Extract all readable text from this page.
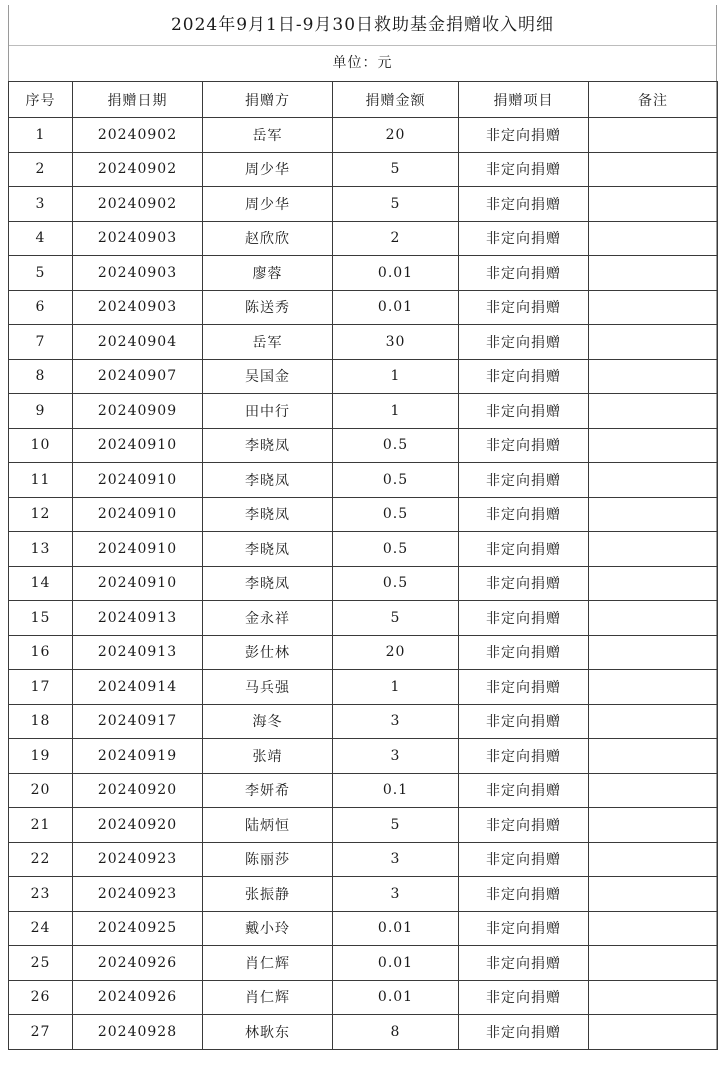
2024年9月1日-9月30日救助基金捐赠收入明细
单位：元
序号	捐赠日期	捐赠方	捐赠金额	捐赠项目	备注
1	20240902	岳军	20	非定向捐赠	
2	20240902	周少华	5	非定向捐赠	
3	20240902	周少华	5	非定向捐赠	
4	20240903	赵欣欣	2	非定向捐赠	
5	20240903	廖蓉	0.01	非定向捐赠	
6	20240903	陈送秀	0.01	非定向捐赠	
7	20240904	岳军	30	非定向捐赠	
8	20240907	吴国金	1	非定向捐赠	
9	20240909	田中行	1	非定向捐赠	
10	20240910	李晓凤	0.5	非定向捐赠	
11	20240910	李晓凤	0.5	非定向捐赠	
12	20240910	李晓凤	0.5	非定向捐赠	
13	20240910	李晓凤	0.5	非定向捐赠	
14	20240910	李晓凤	0.5	非定向捐赠	
15	20240913	金永祥	5	非定向捐赠	
16	20240913	彭仕林	20	非定向捐赠	
17	20240914	马兵强	1	非定向捐赠	
18	20240917	海冬	3	非定向捐赠	
19	20240919	张靖	3	非定向捐赠	
20	20240920	李妍希	0.1	非定向捐赠	
21	20240920	陆炳恒	5	非定向捐赠	
22	20240923	陈丽莎	3	非定向捐赠	
23	20240923	张振静	3	非定向捐赠	
24	20240925	戴小玲	0.01	非定向捐赠	
25	20240926	肖仁辉	0.01	非定向捐赠	
26	20240926	肖仁辉	0.01	非定向捐赠	
27	20240928	林耿东	8	非定向捐赠	
